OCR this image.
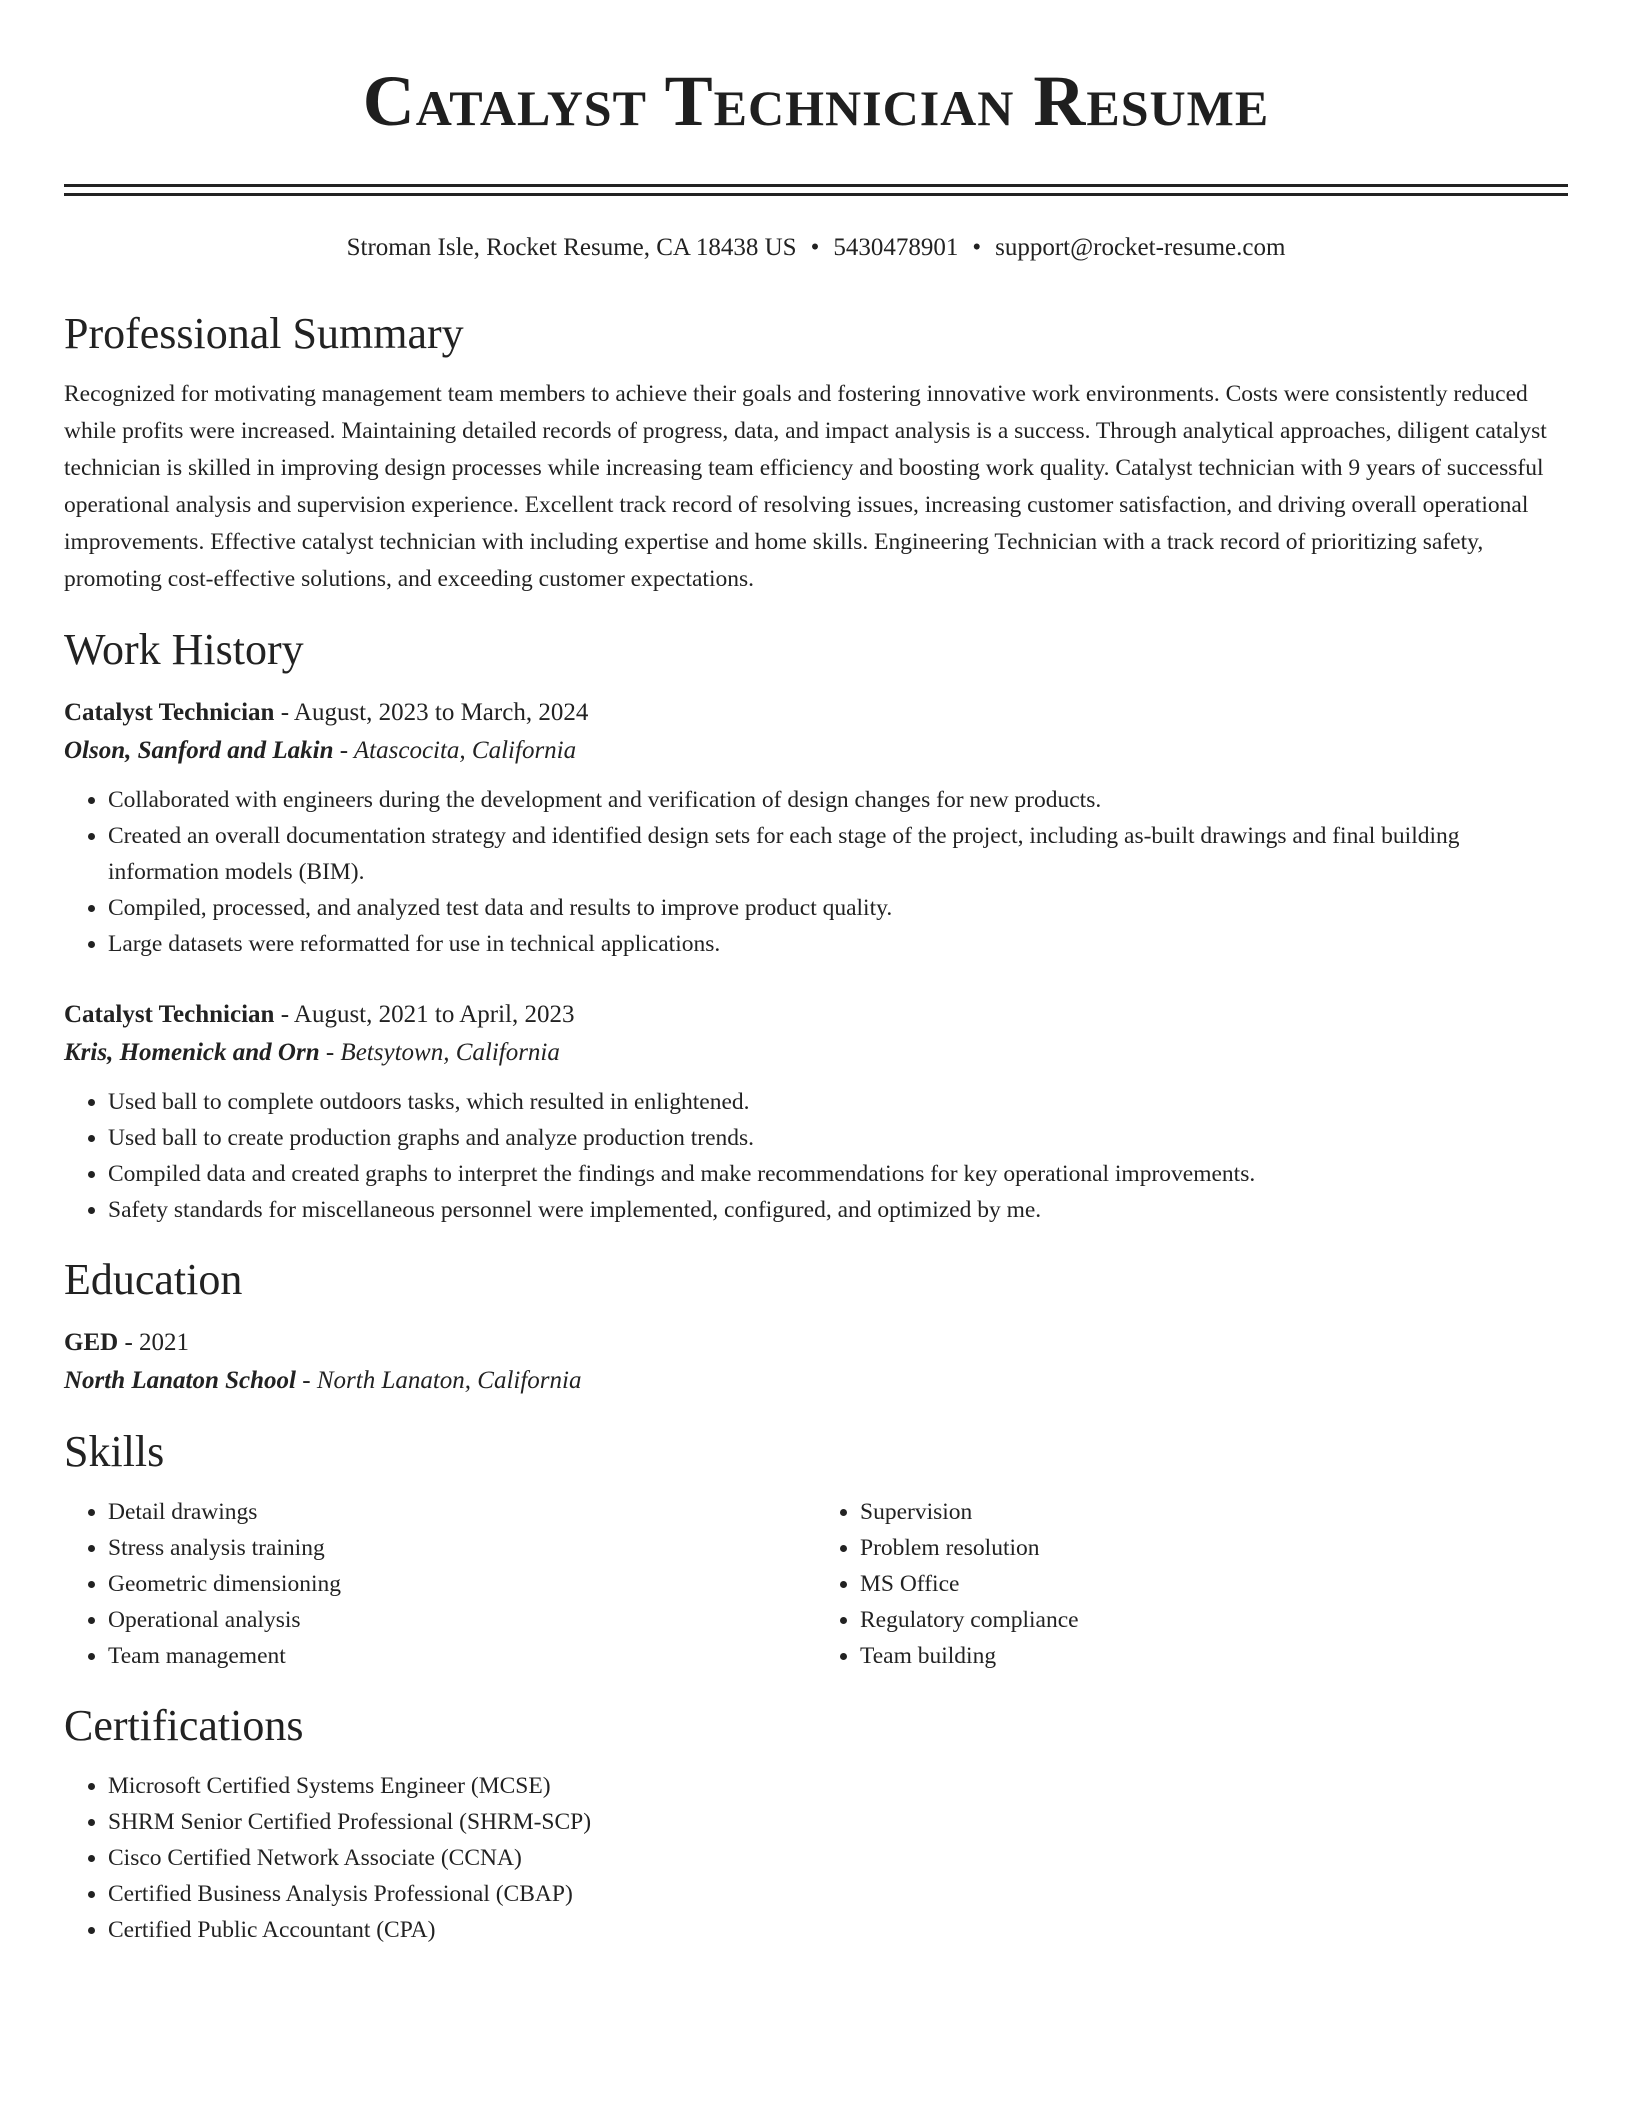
Catalyst Technician Resume
Stroman Isle, Rocket Resume, CA 18438 US • 5430478901 • support@rocket-resume.com
Professional Summary
Recognized for motivating management team members to achieve their goals and fostering innovative work environments. Costs were consistently reduced while profits were increased. Maintaining detailed records of progress, data, and impact analysis is a success. Through analytical approaches, diligent catalyst technician is skilled in improving design processes while increasing team efficiency and boosting work quality. Catalyst technician with 9 years of successful operational analysis and supervision experience. Excellent track record of resolving issues, increasing customer satisfaction, and driving overall operational improvements. Effective catalyst technician with including expertise and home skills. Engineering Technician with a track record of prioritizing safety, promoting cost-effective solutions, and exceeding customer expectations.
Work History
Catalyst Technician - August, 2023 to March, 2024
Olson, Sanford and Lakin - Atascocita, California
• Collaborated with engineers during the development and verification of design changes for new products.
• Created an overall documentation strategy and identified design sets for each stage of the project, including as-built drawings and final building information models (BIM).
• Compiled, processed, and analyzed test data and results to improve product quality.
• Large datasets were reformatted for use in technical applications.
Catalyst Technician - August, 2021 to April, 2023
Kris, Homenick and Orn - Betsytown, California
• Used ball to complete outdoors tasks, which resulted in enlightened.
• Used ball to create production graphs and analyze production trends.
• Compiled data and created graphs to interpret the findings and make recommendations for key operational improvements.
• Safety standards for miscellaneous personnel were implemented, configured, and optimized by me.
Education
GED - 2021
North Lanaton School - North Lanaton, California
Skills
• Detail drawings
• Stress analysis training
• Geometric dimensioning
• Operational analysis
• Team management
• Supervision
• Problem resolution
• MS Office
• Regulatory compliance
• Team building
Certifications
• Microsoft Certified Systems Engineer (MCSE)
• SHRM Senior Certified Professional (SHRM-SCP)
• Cisco Certified Network Associate (CCNA)
• Certified Business Analysis Professional (CBAP)
• Certified Public Accountant (CPA)
